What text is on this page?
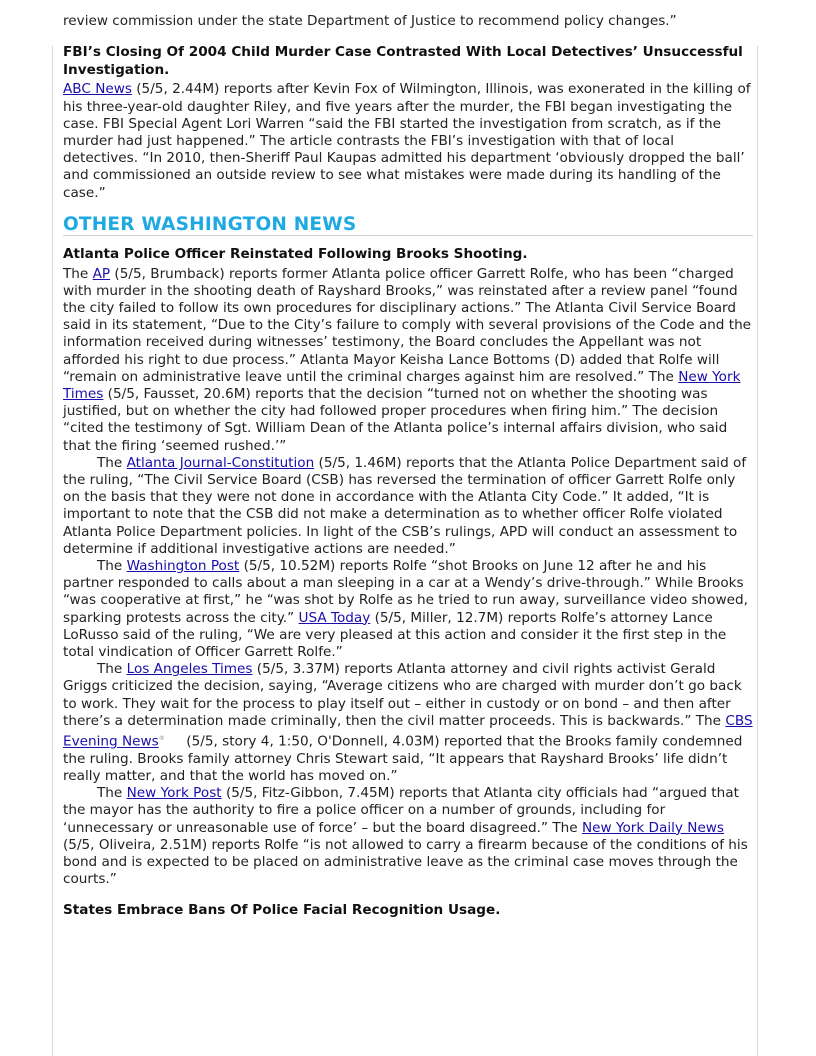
review commission under the state Department of Justice to recommend policy changes.”

FBI’s Closing Of 2004 Child Murder Case Contrasted With Local Detectives’ Unsuccessful Investigation.

ABC News (5/5, 2.44M) reports after Kevin Fox of Wilmington, Illinois, was exonerated in the killing of his three-year-old daughter Riley, and five years after the murder, the FBI began investigating the case. FBI Special Agent Lori Warren “said the FBI started the investigation from scratch, as if the murder had just happened.” The article contrasts the FBI’s investigation with that of local detectives. “In 2010, then-Sheriff Paul Kaupas admitted his department ‘obviously dropped the ball’ and commissioned an outside review to see what mistakes were made during its handling of the case.”

OTHER WASHINGTON NEWS
Atlanta Police Officer Reinstated Following Brooks Shooting.

The AP (5/5, Brumback) reports former Atlanta police officer Garrett Rolfe, who has been “charged with murder in the shooting death of Rayshard Brooks,” was reinstated after a review panel “found the city failed to follow its own procedures for disciplinary actions.” The Atlanta Civil Service Board said in its statement, “Due to the City’s failure to comply with several provisions of the Code and the information received during witnesses’ testimony, the Board concludes the Appellant was not afforded his right to due process.” Atlanta Mayor Keisha Lance Bottoms (D) added that Rolfe will “remain on administrative leave until the criminal charges against him are resolved.” The New York Times (5/5, Fausset, 20.6M) reports that the decision “turned not on whether the shooting was justified, but on whether the city had followed proper procedures when firing him.” The decision “cited the testimony of Sgt. William Dean of the Atlanta police’s internal affairs division, who said that the firing ‘seemed rushed.’”

The Atlanta Journal-Constitution (5/5, 1.46M) reports that the Atlanta Police Department said of the ruling, “The Civil Service Board (CSB) has reversed the termination of officer Garrett Rolfe only on the basis that they were not done in accordance with the Atlanta City Code.” It added, “It is important to note that the CSB did not make a determination as to whether officer Rolfe violated Atlanta Police Department policies. In light of the CSB’s rulings, APD will conduct an assessment to determine if additional investigative actions are needed.”

The Washington Post (5/5, 10.52M) reports Rolfe “shot Brooks on June 12 after he and his partner responded to calls about a man sleeping in a car at a Wendy’s drive-through.” While Brooks “was cooperative at first,” he “was shot by Rolfe as he tried to run away, surveillance video showed, sparking protests across the city.” USA Today (5/5, Miller, 12.7M) reports Rolfe’s attorney Lance LoRusso said of the ruling, “We are very pleased at this action and consider it the first step in the total vindication of Officer Garrett Rolfe.”

The Los Angeles Times (5/5, 3.37M) reports Atlanta attorney and civil rights activist Gerald Griggs criticized the decision, saying, “Average citizens who are charged with murder don’t go back to work. They wait for the process to play itself out – either in custody or on bond – and then after there’s a determination made criminally, then the civil matter proceeds. This is backwards.” The CBS Evening News®     (5/5, story 4, 1:50, O'Donnell, 4.03M) reported that the Brooks family condemned the ruling. Brooks family attorney Chris Stewart said, “It appears that Rayshard Brooks’ life didn’t really matter, and that the world has moved on.”

The New York Post (5/5, Fitz-Gibbon, 7.45M) reports that Atlanta city officials had “argued that the mayor has the authority to fire a police officer on a number of grounds, including for ‘unnecessary or unreasonable use of force’ – but the board disagreed.” The New York Daily News (5/5, Oliveira, 2.51M) reports Rolfe “is not allowed to carry a firearm because of the conditions of his bond and is expected to be placed on administrative leave as the criminal case moves through the courts.”

States Embrace Bans Of Police Facial Recognition Usage.
